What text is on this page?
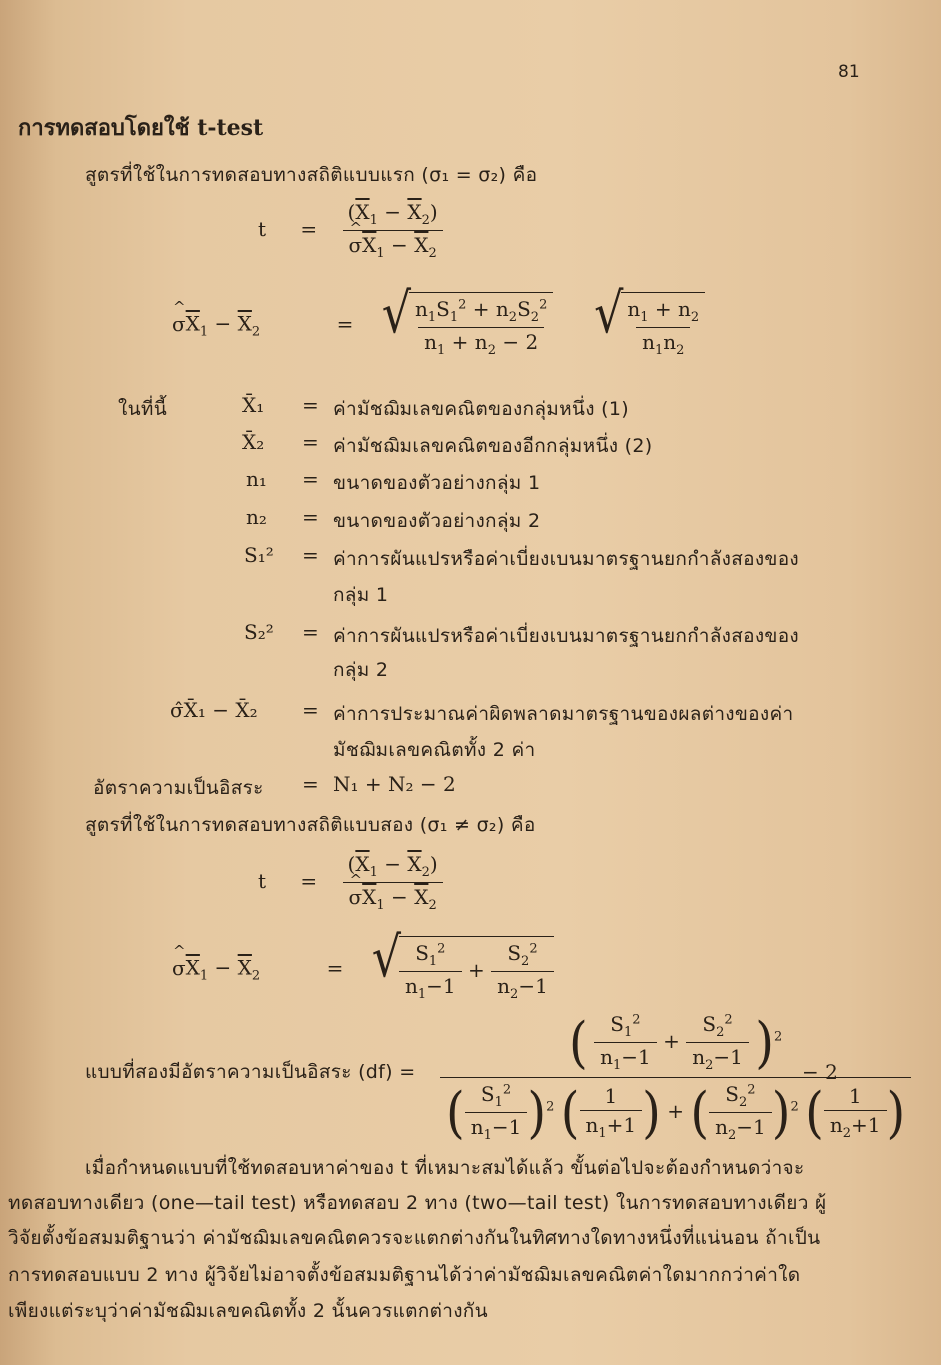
81
การทดสอบโดยใช้ t-test
สูตรที่ใช้ในการทดสอบทางสถิติแบบแรก (σ₁ = σ₂) คือ
$t = (\overline{X}_1 - \overline{X}_2)$
^ $\sigma\overline{X}_1 - \overline{X}_2$
^ $\sigma\overline{X}_1 - \overline{X}_2$	= √
$\frac{n_1S_1^2 + n_2S_2^2}{n_1 + n_2 - 2}$
√
$\frac{n_1 + n_2}{n_1n_2}$
ในที่นี้	X̄₁ = ค่ามัชฌิมเลขคณิตของกลุ่มหนึ่ง (1)
X̄₂ = ค่ามัชฌิมเลขคณิตของอีกกลุ่มหนึ่ง (2)
n₁ = ขนาดของตัวอย่างกลุ่ม 1
n₂ = ขนาดของตัวอย่างกลุ่ม 2
S₁² = ค่าการผันแปรหรือค่าเบี่ยงเบนมาตรฐานยกกำลังสองของ
กลุ่ม 1
S₂² = ค่าการผันแปรหรือค่าเบี่ยงเบนมาตรฐานยกกำลังสองของ
กลุ่ม 2
σ̂X̄₁ − X̄₂ = ค่าการประมาณค่าผิดพลาดมาตรฐานของผลต่างของค่า
มัชฌิมเลขคณิตทั้ง 2 ค่า
อัตราความเป็นอิสระ = N₁ + N₂ − 2
สูตรที่ใช้ในการทดสอบทางสถิติแบบสอง (σ₁ ≠ σ₂) คือ
$t = (\overline{X}_1 - \overline{X}_2)$
^ $\sigma\overline{X}_1 - \overline{X}_2$
^ $\sigma\overline{X}_1 - \overline{X}_2$	= √
$\frac{S_1^2}{n_1-1} + \frac{S_2^2}{n_2-1}$
แบบที่สองมีอัตราความเป็นอิสระ (df) =	( $\frac{S_1^2}{n_1-1} + \frac{S_2^2}{n_2-1} )^2$
( $\frac{S_1^2}{n_1-1} )^2$ ( $\frac{1}{n_1+1}$ ) + ( $\frac{S_2^2}{n_2-1} )^2$ ( $\frac{1}{n_2+1}$ )
− 2
เมื่อกำหนดแบบที่ใช้ทดสอบหาค่าของ t ที่เหมาะสมได้แล้ว ขั้นต่อไปจะต้องกำหนดว่าจะ
ทดสอบทางเดียว (one—tail test) หรือทดสอบ 2 ทาง (two—tail test) ในการทดสอบทางเดียว ผู้
วิจัยตั้งข้อสมมติฐานว่า ค่ามัชฌิมเลขคณิตควรจะแตกต่างกันในทิศทางใดทางหนึ่งที่แน่นอน ถ้าเป็น
การทดสอบแบบ 2 ทาง ผู้วิจัยไม่อาจตั้งข้อสมมติฐานได้ว่าค่ามัชฌิมเลขคณิตค่าใดมากกว่าค่าใด
เพียงแต่ระบุว่าค่ามัชฌิมเลขคณิตทั้ง 2 นั้นควรแตกต่างกัน
